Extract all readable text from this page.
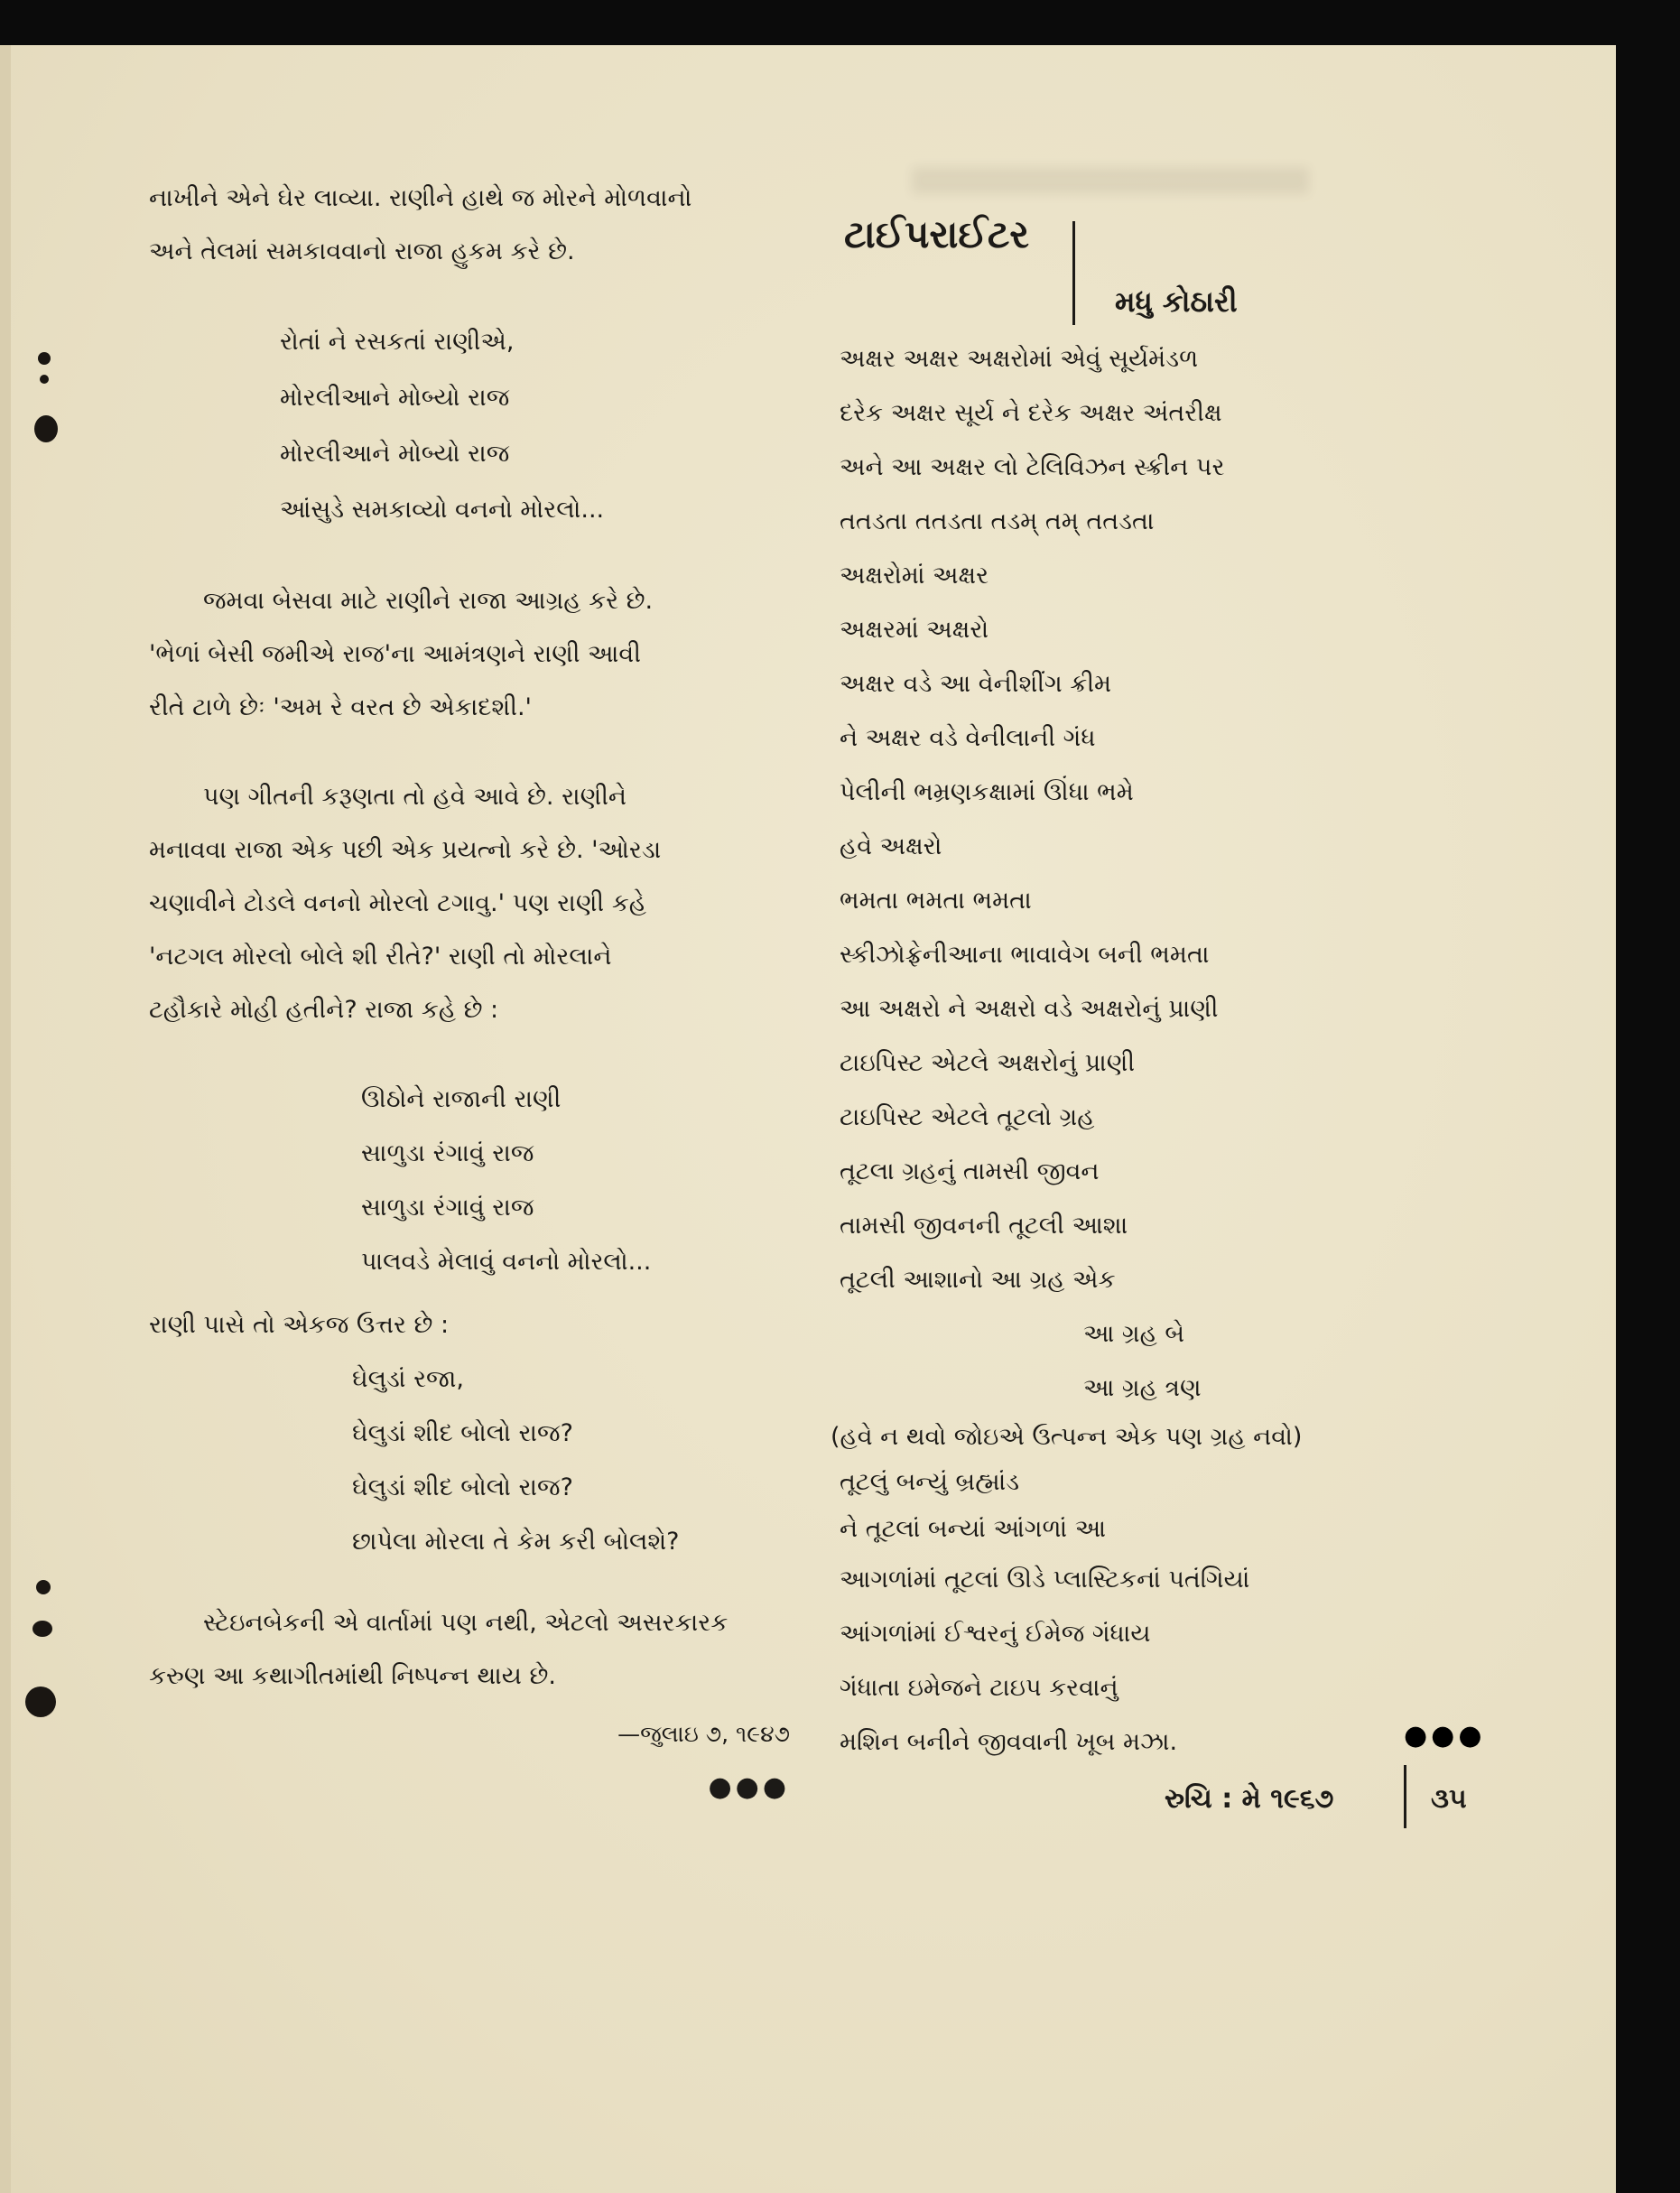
નાખીને એને ઘેર લાવ્યા. રાણીને હાથે જ મોરને મોળવાનો
અને તેલમાં સમકાવવાનો રાજા હુકમ કરે છે.
રોતાં ને રસકતાં રાણીએ,
મોરલીઆને મોબ્યો રાજ
મોરલીઆને મોબ્યો રાજ
આંસુડે સમકાવ્યો વનનો મોરલો...
જમવા બેસવા માટે રાણીને રાજા આગ્રહ કરે છે.
'ભેળાં બેસી જમીએ રાજ'ના આમંત્રણને રાણી આવી
રીતે ટાળે છેઃ 'અમ રે વરત છે એકાદશી.'
પણ ગીતની કરૂણતા તો હવે આવે છે. રાણીને
મનાવવા રાજા એક પછી એક પ્રયત્નો કરે છે. 'ઓરડા
ચણાવીને ટોડલે વનનો મોરલો ટગાવુ.' પણ રાણી કહે
'નટગલ મોરલો બોલે શી રીતે?' રાણી તો મોરલાને
ટહૌકારે મોહી હતીને? રાજા કહે છે :
ઊઠોને રાજાની રાણી
સાળુડા રંગાવું રાજ
સાળુડા રંગાવું રાજ
પાલવડે મેલાવું વનનો મોરલો...
રાણી પાસે તો એકજ ઉત્તર છે :
ઘેલુડાં રજા,
ઘેલુડાં શીદ બોલો રાજ?
ઘેલુડાં શીદ બોલો રાજ?
છાપેલા મોરલા તે કેમ કરી બોલશે?
સ્ટેઇનબેકની એ વાર્તામાં પણ નથી, એટલો અસરકારક
કરુણ આ કથાગીતમાંથી નિષ્પન્ન થાય છે.
—જુલાઇ ૭, ૧૯૪૭
●●●
ટાઈપરાઈટર
મધુ કોઠારી
અક્ષર અક્ષર અક્ષરોમાં એવું સૂર્યમંડળ
દરેક અક્ષર સૂર્ય ને દરેક અક્ષર અંતરીક્ષ
અને આ અક્ષર લો ટેલિવિઝન સ્ક્રીન પર
તતડતા તતડતા તડમ્ તમ્ તતડતા
અક્ષરોમાં અક્ષર
અક્ષરમાં અક્ષરો
અક્ષર વડે આ વેનીશીંગ ક્રીમ
ને અક્ષર વડે વેનીલાની ગંધ
પેલીની ભમ્રણકક્ષામાં ઊંધા ભમે
હવે અક્ષરો
ભમતા ભમતા ભમતા
સ્કીઝોફ્રેનીઆના ભાવાવેગ બની ભમતા
આ અક્ષરો ને અક્ષરો વડે અક્ષરોનું પ્રાણી
ટાઇપિસ્ટ એટલે અક્ષરોનું પ્રાણી
ટાઇપિસ્ટ એટલે તૂટલો ગ્રહ
તૂટલા ગ્રહનું તામસી જીવન
તામસી જીવનની તૂટલી આશા
તૂટલી આશાનો આ ગ્રહ એક
આ ગ્રહ બે
આ ગ્રહ ત્રણ
(હવે ન થવો જોઇએ ઉત્પન્ન એક પણ ગ્રહ નવો)
તૂટલું બન્યું બ્રહ્માંડ
ને તૂટલાં બન્યાં આંગળાં આ
આગળાંમાં તૂટલાં ઊડે પ્લાસ્ટિકનાં પતંગિયાં
આંગળાંમાં ઈશ્વરનું ઈમેજ ગંધાય
ગંધાતા ઇમેજને ટાઇપ કરવાનું
મશિન બનીને જીવવાની ખૂબ મઝા.	●●●
રુચિ : મે ૧૯૬૭	૩૫
